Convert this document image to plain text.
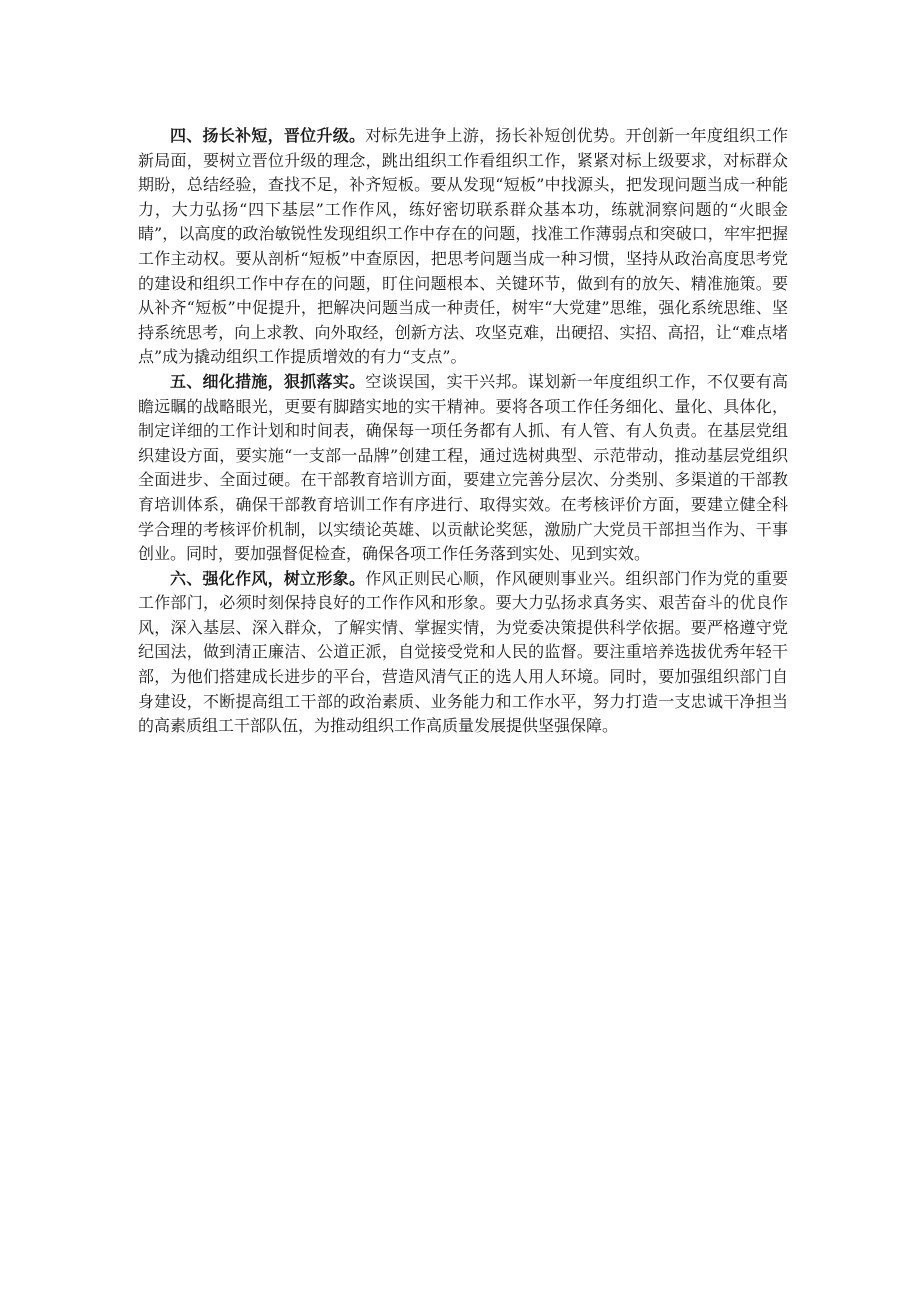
四、扬长补短，晋位升级。对标先进争上游，扬长补短创优势。开创新一年度组织工作新局面，要树立晋位升级的理念，跳出组织工作看组织工作，紧紧对标上级要求，对标群众期盼，总结经验，查找不足，补齐短板。要从发现“短板”中找源头，把发现问题当成一种能力，大力弘扬“四下基层”工作作风，练好密切联系群众基本功，练就洞察问题的“火眼金睛”，以高度的政治敏锐性发现组织工作中存在的问题，找准工作薄弱点和突破口，牢牢把握工作主动权。要从剖析“短板”中查原因，把思考问题当成一种习惯，坚持从政治高度思考党的建设和组织工作中存在的问题，盯住问题根本、关键环节，做到有的放矢、精准施策。要从补齐“短板”中促提升，把解决问题当成一种责任，树牢“大党建”思维，强化系统思维、坚持系统思考，向上求教、向外取经，创新方法、攻坚克难，出硬招、实招、高招，让“难点堵点”成为撬动组织工作提质增效的有力“支点”。

五、细化措施，狠抓落实。空谈误国，实干兴邦。谋划新一年度组织工作，不仅要有高瞻远瞩的战略眼光，更要有脚踏实地的实干精神。要将各项工作任务细化、量化、具体化，制定详细的工作计划和时间表，确保每一项任务都有人抓、有人管、有人负责。在基层党组织建设方面，要实施“一支部一品牌”创建工程，通过选树典型、示范带动，推动基层党组织全面进步、全面过硬。在干部教育培训方面，要建立完善分层次、分类别、多渠道的干部教育培训体系，确保干部教育培训工作有序进行、取得实效。在考核评价方面，要建立健全科学合理的考核评价机制，以实绩论英雄、以贡献论奖惩，激励广大党员干部担当作为、干事创业。同时，要加强督促检查，确保各项工作任务落到实处、见到实效。

六、强化作风，树立形象。作风正则民心顺，作风硬则事业兴。组织部门作为党的重要工作部门，必须时刻保持良好的工作作风和形象。要大力弘扬求真务实、艰苦奋斗的优良作风，深入基层、深入群众，了解实情、掌握实情，为党委决策提供科学依据。要严格遵守党纪国法，做到清正廉洁、公道正派，自觉接受党和人民的监督。要注重培养选拔优秀年轻干部，为他们搭建成长进步的平台，营造风清气正的选人用人环境。同时，要加强组织部门自身建设，不断提高组工干部的政治素质、业务能力和工作水平，努力打造一支忠诚干净担当的高素质组工干部队伍，为推动组织工作高质量发展提供坚强保障。
